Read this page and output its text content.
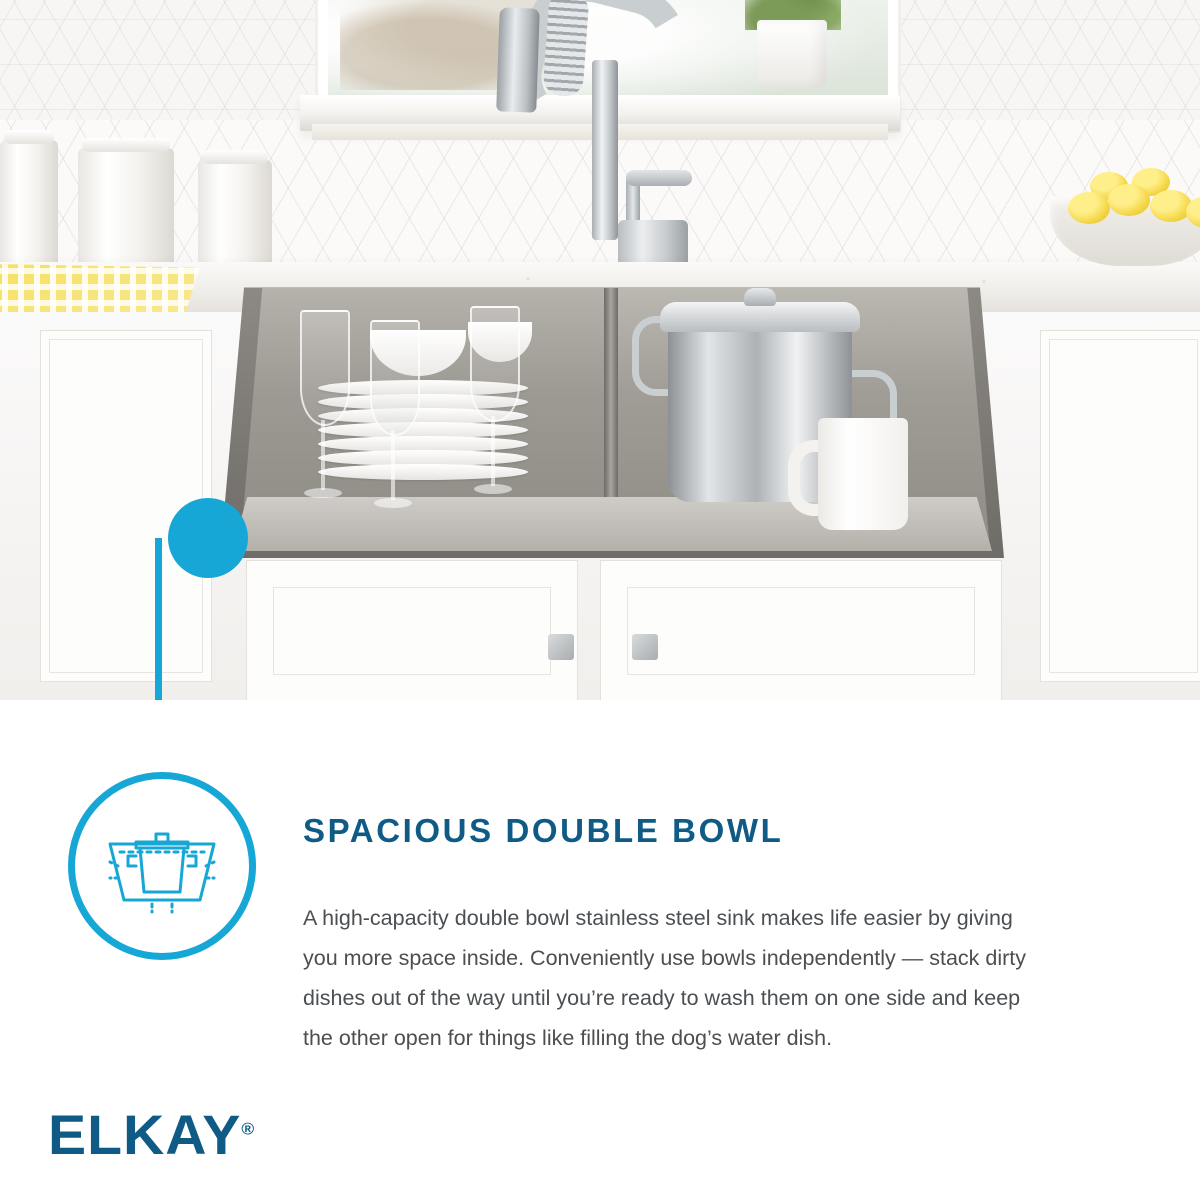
SPACIOUS DOUBLE BOWL
A high-capacity double bowl stainless steel sink makes life easier by giving you more space inside. Conveniently use bowls independently — stack dirty dishes out of the way until you’re ready to wash them on one side and keep the other open for things like filling the dog’s water dish.
ELKAY®
